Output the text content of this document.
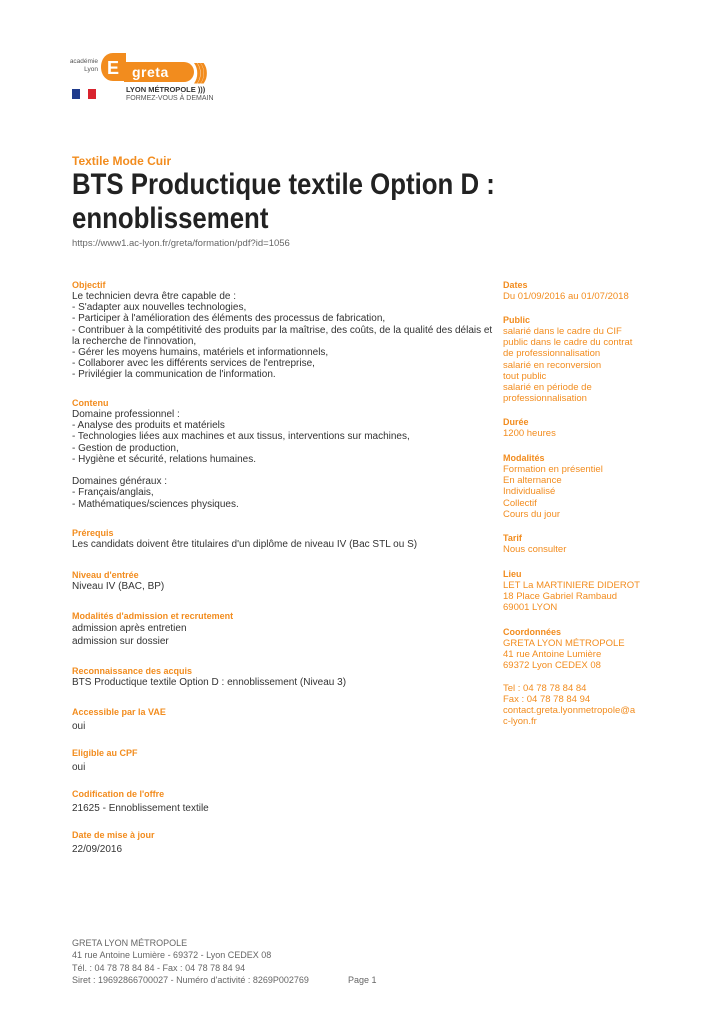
académie
Lyon E greta	)))
LYON MÉTROPOLE )))
FORMEZ-VOUS À DEMAIN
Textile Mode Cuir
BTS Productique textile Option D : ennoblissement
https://www1.ac-lyon.fr/greta/formation/pdf?id=1056

Objectif

Le technicien devra être capable de :
- S'adapter aux nouvelles technologies,
- Participer à l'amélioration des éléments des processus de fabrication,
- Contribuer à la compétitivité des produits par la maîtrise, des coûts, de la qualité des délais et la recherche de l'innovation,
- Gérer les moyens humains, matériels et informationnels,
- Collaborer avec les différents services de l'entreprise,
- Privilégier la communication de l'information.

Contenu

Domaine professionnel :
- Analyse des produits et matériels
- Technologies liées aux machines et aux tissus, interventions sur machines,
- Gestion de production,
- Hygiène et sécurité, relations humaines.

Domaines généraux :
- Français/anglais,
- Mathématiques/sciences physiques.

Prérequis

Les candidats doivent être titulaires d'un diplôme de niveau IV (Bac STL ou S)

Niveau d'entrée

Niveau IV (BAC, BP)

Modalités d'admission et recrutement

admission après entretien
admission sur dossier

Reconnaissance des acquis

BTS Productique textile Option D : ennoblissement (Niveau 3)

Accessible par la VAE

oui

Eligible au CPF

oui

Codification de l'offre

21625 - Ennoblissement textile

Date de mise à jour

22/09/2016

Dates

Du 01/09/2016 au 01/07/2018

Public

salarié dans le cadre du CIF
public dans le cadre du contrat de professionnalisation
salarié en reconversion
tout public
salarié en période de professionnalisation

Durée

1200 heures

Modalités

Formation en présentiel
En alternance
Individualisé
Collectif
Cours du jour

Tarif

Nous consulter

Lieu

LET La MARTINIERE DIDEROT
18 Place Gabriel Rambaud
69001 LYON

Coordonnées

GRETA LYON MÉTROPOLE
41 rue Antoine Lumière
69372 Lyon CEDEX 08

Tel : 04 78 78 84 84
Fax : 04 78 78 84 94
contact.greta.lyonmetropole@ac-lyon.fr

GRETA LYON MÉTROPOLE
41 rue Antoine Lumière - 69372 - Lyon CEDEX 08
Tél. : 04 78 78 84 84 - Fax : 04 78 78 84 94
Siret : 19692866700027 - Numéro d'activité : 8269P002769	Page 1
